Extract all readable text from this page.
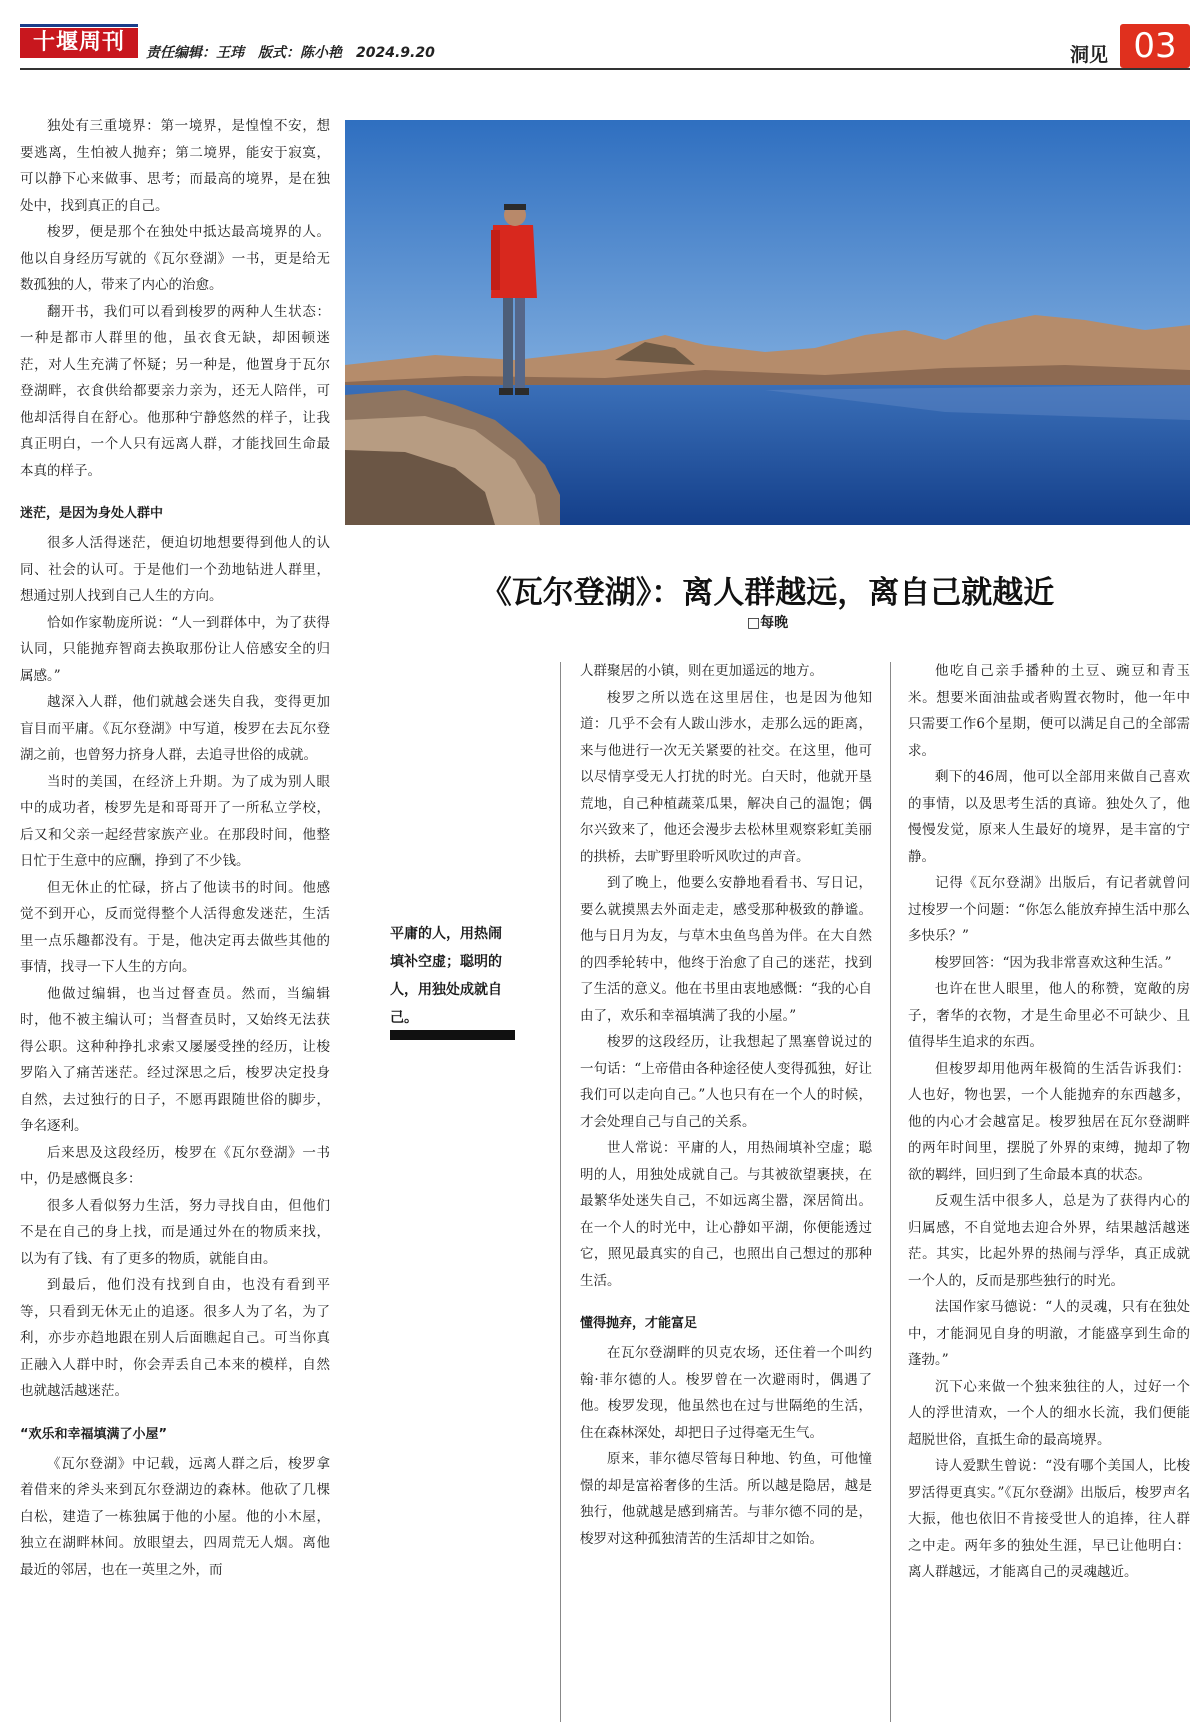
十堰周刊	责任编辑：王玮　版式：陈小艳　2024.9.20	洞见 03

独处有三重境界：第一境界，是惶惶不安，想要逃离，生怕被人抛弃；第二境界，能安于寂寞，可以静下心来做事、思考；而最高的境界，是在独处中，找到真正的自己。

梭罗，便是那个在独处中抵达最高境界的人。他以自身经历写就的《瓦尔登湖》一书，更是给无数孤独的人，带来了内心的治愈。

翻开书，我们可以看到梭罗的两种人生状态：一种是都市人群里的他，虽衣食无缺，却困顿迷茫，对人生充满了怀疑；另一种是，他置身于瓦尔登湖畔，衣食供给都要亲力亲为，还无人陪伴，可他却活得自在舒心。他那种宁静悠然的样子，让我真正明白，一个人只有远离人群，才能找回生命最本真的样子。

迷茫，是因为身处人群中

很多人活得迷茫，便迫切地想要得到他人的认同、社会的认可。于是他们一个劲地钻进人群里，想通过别人找到自己人生的方向。

恰如作家勒庞所说：“人一到群体中，为了获得认同，只能抛弃智商去换取那份让人倍感安全的归属感。”

越深入人群，他们就越会迷失自我，变得更加盲目而平庸。《瓦尔登湖》中写道，梭罗在去瓦尔登湖之前，也曾努力挤身人群，去追寻世俗的成就。

当时的美国，在经济上升期。为了成为别人眼中的成功者，梭罗先是和哥哥开了一所私立学校，后又和父亲一起经营家族产业。在那段时间，他整日忙于生意中的应酬，挣到了不少钱。

但无休止的忙碌，挤占了他读书的时间。他感觉不到开心，反而觉得整个人活得愈发迷茫，生活里一点乐趣都没有。于是，他决定再去做些其他的事情，找寻一下人生的方向。

他做过编辑，也当过督查员。然而，当编辑时，他不被主编认可；当督查员时，又始终无法获得公职。这种种挣扎求索又屡屡受挫的经历，让梭罗陷入了痛苦迷茫。经过深思之后，梭罗决定投身自然，去过独行的日子，不愿再跟随世俗的脚步，争名逐利。

后来思及这段经历，梭罗在《瓦尔登湖》一书中，仍是感慨良多：

很多人看似努力生活，努力寻找自由，但他们不是在自己的身上找，而是通过外在的物质来找，以为有了钱、有了更多的物质，就能自由。

到最后，他们没有找到自由，也没有看到平等，只看到无休无止的追逐。很多人为了名，为了利，亦步亦趋地跟在别人后面瞧起自己。可当你真正融入人群中时，你会弄丢自己本来的模样，自然也就越活越迷茫。

“欢乐和幸福填满了小屋”

《瓦尔登湖》中记载，远离人群之后，梭罗拿着借来的斧头来到瓦尔登湖边的森林。他砍了几棵白松，建造了一栋独属于他的小屋。他的小木屋，独立在湖畔林间。放眼望去，四周荒无人烟。离他最近的邻居，也在一英里之外，而

《瓦尔登湖》：离人群越远，离自己就越近
□每晚
平庸的人，用热闹填补空虚；聪明的人，用独处成就自己。

人群聚居的小镇，则在更加遥远的地方。

梭罗之所以选在这里居住，也是因为他知道：几乎不会有人跋山涉水，走那么远的距离，来与他进行一次无关紧要的社交。在这里，他可以尽情享受无人打扰的时光。白天时，他就开垦荒地，自己种植蔬菜瓜果，解决自己的温饱；偶尔兴致来了，他还会漫步去松林里观察彩虹美丽的拱桥，去旷野里聆听风吹过的声音。

到了晚上，他要么安静地看看书、写日记，要么就摸黑去外面走走，感受那种极致的静谧。他与日月为友，与草木虫鱼鸟兽为伴。在大自然的四季轮转中，他终于治愈了自己的迷茫，找到了生活的意义。他在书里由衷地感慨：“我的心自由了，欢乐和幸福填满了我的小屋。”

梭罗的这段经历，让我想起了黑塞曾说过的一句话：“上帝借由各种途径使人变得孤独，好让我们可以走向自己。”人也只有在一个人的时候，才会处理自己与自己的关系。

世人常说：平庸的人，用热闹填补空虚；聪明的人，用独处成就自己。与其被欲望裹挟，在最繁华处迷失自己，不如远离尘嚣，深居简出。在一个人的时光中，让心静如平湖，你便能透过它，照见最真实的自己，也照出自己想过的那种生活。

懂得抛弃，才能富足

在瓦尔登湖畔的贝克农场，还住着一个叫约翰·菲尔德的人。梭罗曾在一次避雨时，偶遇了他。梭罗发现，他虽然也在过与世隔绝的生活，住在森林深处，却把日子过得毫无生气。

原来，菲尔德尽管每日种地、钓鱼，可他憧憬的却是富裕奢侈的生活。所以越是隐居，越是独行，他就越是感到痛苦。与菲尔德不同的是，梭罗对这种孤独清苦的生活却甘之如饴。

他吃自己亲手播种的土豆、豌豆和青玉米。想要米面油盐或者购置衣物时，他一年中只需要工作6个星期，便可以满足自己的全部需求。

剩下的46周，他可以全部用来做自己喜欢的事情，以及思考生活的真谛。独处久了，他慢慢发觉，原来人生最好的境界，是丰富的宁静。

记得《瓦尔登湖》出版后，有记者就曾问过梭罗一个问题：“你怎么能放弃掉生活中那么多快乐？”

梭罗回答：“因为我非常喜欢这种生活。”

也许在世人眼里，他人的称赞，宽敞的房子，奢华的衣物，才是生命里必不可缺少、且值得毕生追求的东西。

但梭罗却用他两年极简的生活告诉我们：人也好，物也罢，一个人能抛弃的东西越多，他的内心才会越富足。梭罗独居在瓦尔登湖畔的两年时间里，摆脱了外界的束缚，抛却了物欲的羁绊，回归到了生命最本真的状态。

反观生活中很多人，总是为了获得内心的归属感，不自觉地去迎合外界，结果越活越迷茫。其实，比起外界的热闹与浮华，真正成就一个人的，反而是那些独行的时光。

法国作家马德说：“人的灵魂，只有在独处中，才能洞见自身的明澈，才能盛享到生命的蓬勃。”

沉下心来做一个独来独往的人，过好一个人的浮世清欢，一个人的细水长流，我们便能超脱世俗，直抵生命的最高境界。

诗人爱默生曾说：“没有哪个美国人，比梭罗活得更真实。”《瓦尔登湖》出版后，梭罗声名大振，他也依旧不肯接受世人的追捧，往人群之中走。两年多的独处生涯，早已让他明白：离人群越远，才能离自己的灵魂越近。
